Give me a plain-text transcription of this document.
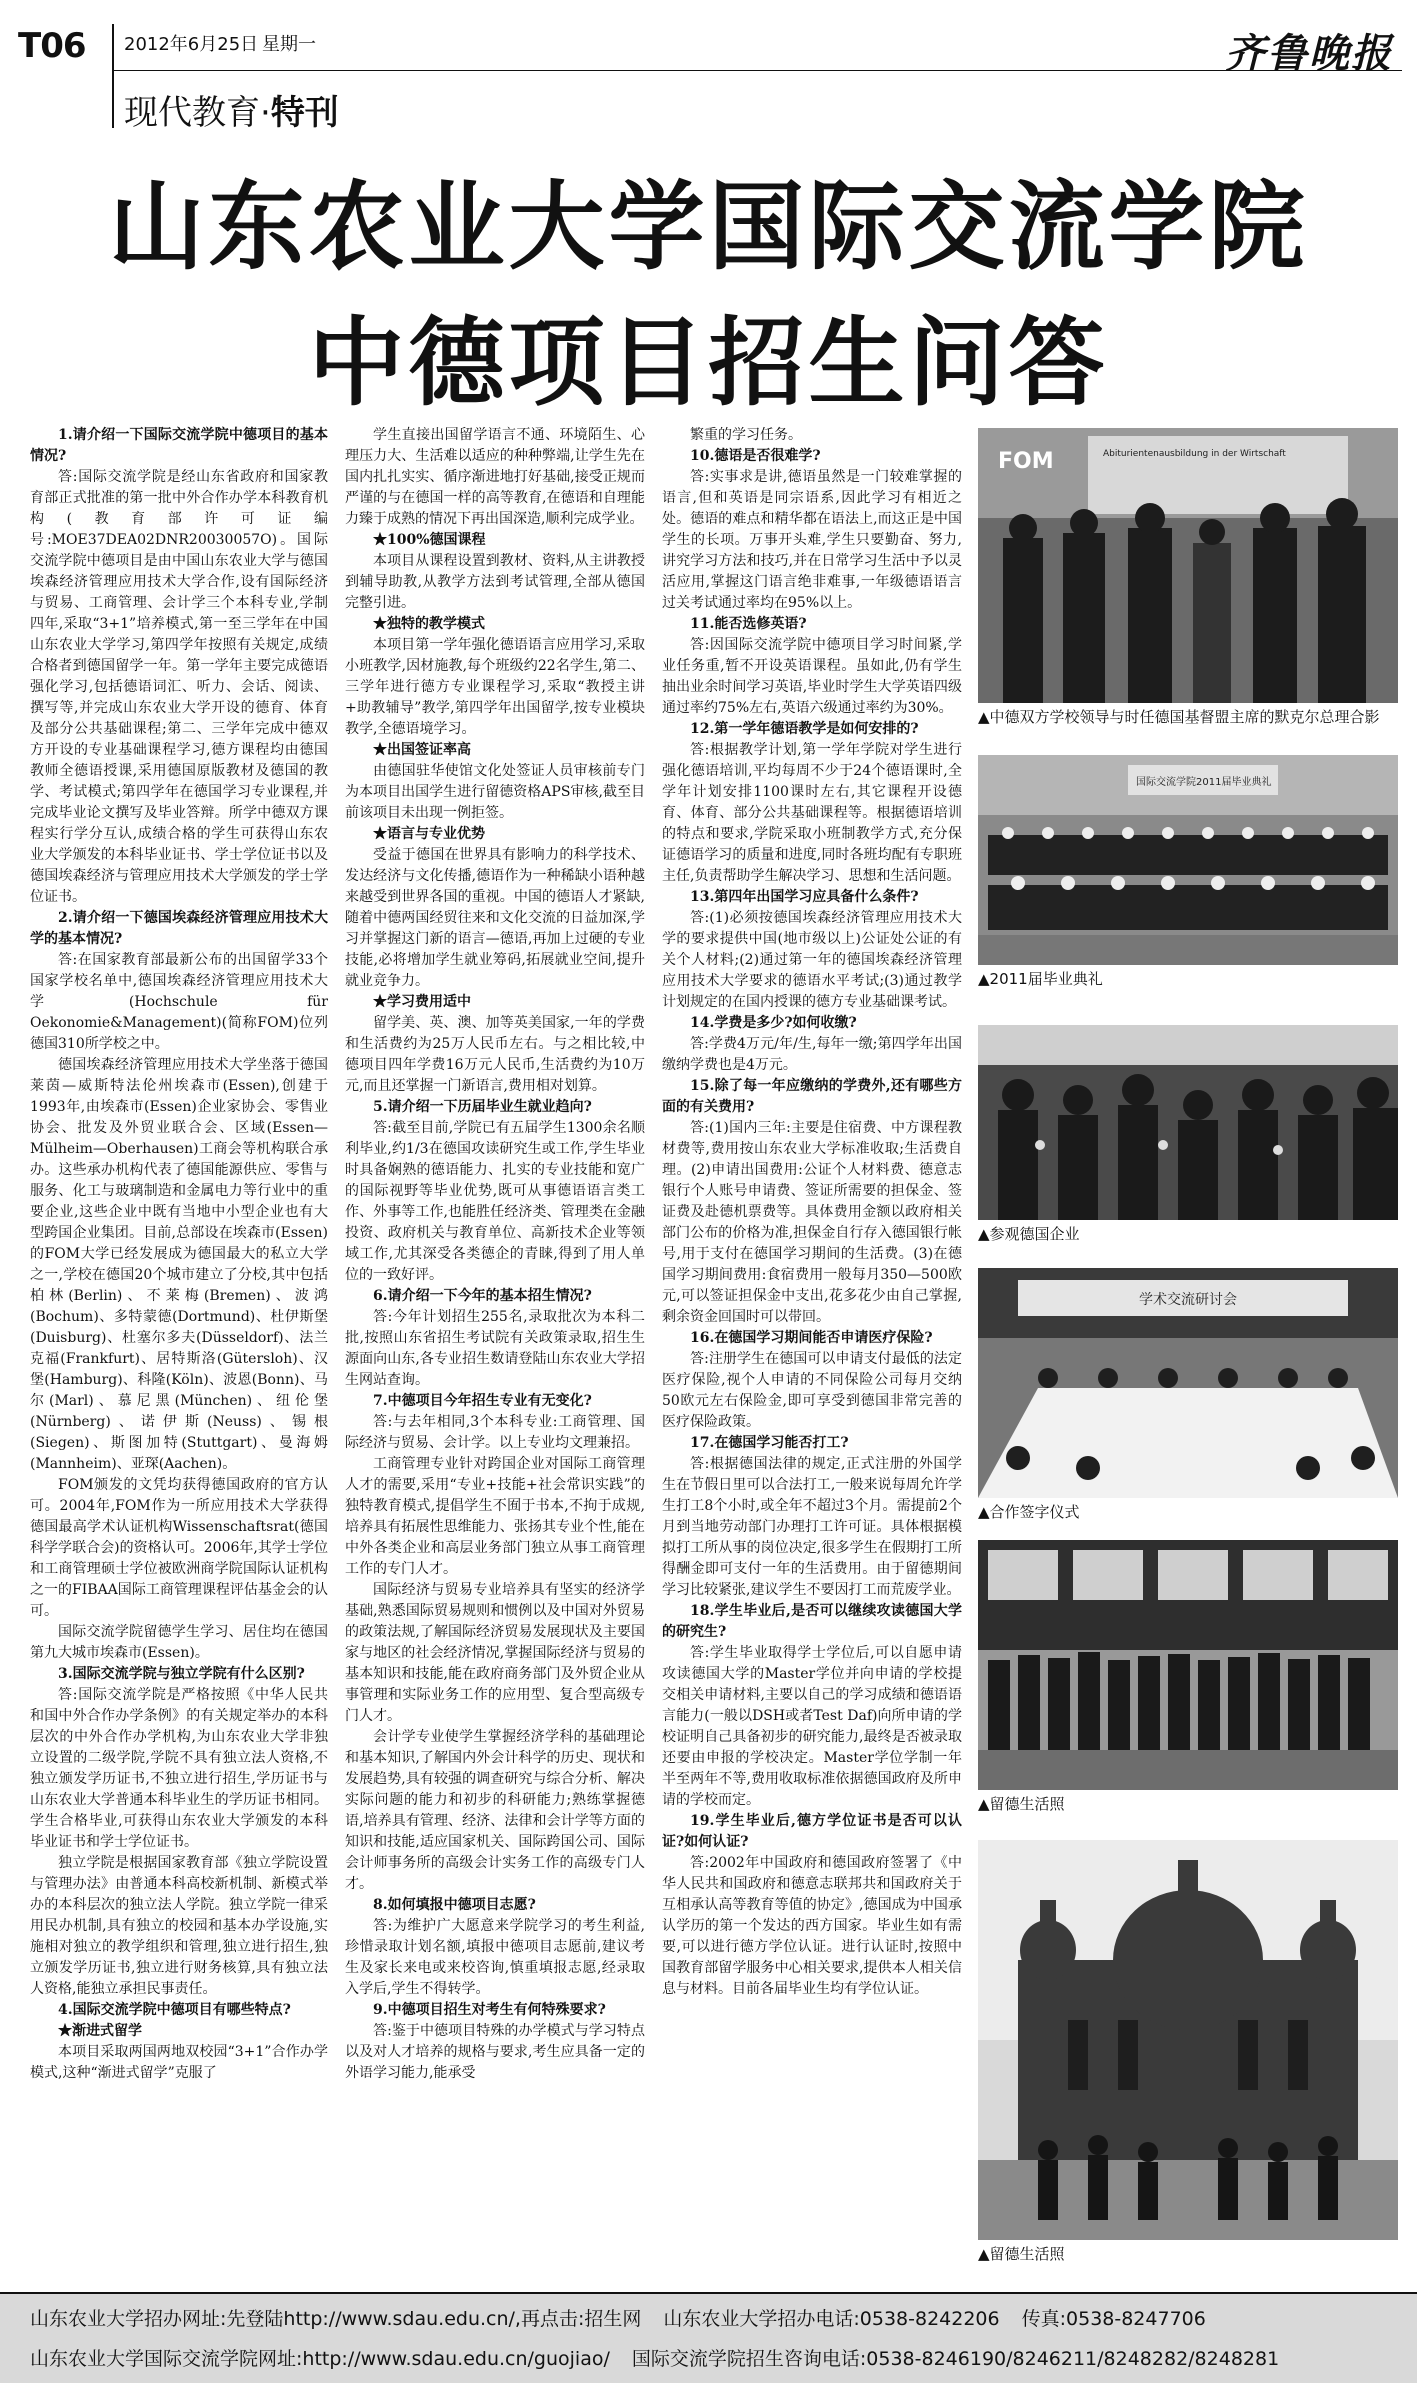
T06 2012年6月25日 星期一
现代教育·特刊
齐鲁晚报
山东农业大学国际交流学院
中德项目招生问答

1.请介绍一下国际交流学院中德项目的基本情况?

答:国际交流学院是经山东省政府和国家教育部正式批准的第一批中外合作办学本科教育机构(教育部许可证编号:MOE37DEA02DNR20030057O)。国际交流学院中德项目是由中国山东农业大学与德国埃森经济管理应用技术大学合作,设有国际经济与贸易、工商管理、会计学三个本科专业,学制四年,采取“3+1”培养模式,第一至三学年在中国山东农业大学学习,第四学年按照有关规定,成绩合格者到德国留学一年。第一学年主要完成德语强化学习,包括德语词汇、听力、会话、阅读、撰写等,并完成山东农业大学开设的德育、体育及部分公共基础课程;第二、三学年完成中德双方开设的专业基础课程学习,德方课程均由德国教师全德语授课,采用德国原版教材及德国的教学、考试模式;第四学年在德国学习专业课程,并完成毕业论文撰写及毕业答辩。所学中德双方课程实行学分互认,成绩合格的学生可获得山东农业大学颁发的本科毕业证书、学士学位证书以及德国埃森经济与管理应用技术大学颁发的学士学位证书。

2.请介绍一下德国埃森经济管理应用技术大学的基本情况?

答:在国家教育部最新公布的出国留学33个国家学校名单中,德国埃森经济管理应用技术大学(Hochschule für Oekonomie&Management)(简称FOM)位列德国310所学校之中。

德国埃森经济管理应用技术大学坐落于德国莱茵—威斯特法伦州埃森市(Essen),创建于1993年,由埃森市(Essen)企业家协会、零售业协会、批发及外贸业联合会、区域(Essen— Mülheim—Oberhausen)工商会等机构联合承办。这些承办机构代表了德国能源供应、零售与服务、化工与玻璃制造和金属电力等行业中的重要企业,这些企业中既有当地中小型企业也有大型跨国企业集团。目前,总部设在埃森市(Essen)的FOM大学已经发展成为德国最大的私立大学之一,学校在德国20个城市建立了分校,其中包括柏林(Berlin)、不莱梅(Bremen)、波鸿(Bochum)、多特蒙德(Dortmund)、杜伊斯堡(Duisburg)、杜塞尔多夫(Düsseldorf)、法兰克福(Frankfurt)、居特斯洛(Gütersloh)、汉堡(Hamburg)、科隆(Köln)、波恩(Bonn)、马尔(Marl)、慕尼黑(München)、纽伦堡(Nürnberg)、诺伊斯(Neuss)、锡根(Siegen)、斯图加特(Stuttgart)、曼海姆(Mannheim)、亚琛(Aachen)。

FOM颁发的文凭均获得德国政府的官方认可。2004年,FOM作为一所应用技术大学获得德国最高学术认证机构Wissenschaftsrat(德国科学学联合会)的资格认可。2006年,其学士学位和工商管理硕士学位被欧洲商学院国际认证机构之一的FIBAA国际工商管理课程评估基金会的认可。

国际交流学院留德学生学习、居住均在德国第九大城市埃森市(Essen)。

3.国际交流学院与独立学院有什么区别?

答:国际交流学院是严格按照《中华人民共和国中外合作办学条例》的有关规定举办的本科层次的中外合作办学机构,为山东农业大学非独立设置的二级学院,学院不具有独立法人资格,不独立颁发学历证书,不独立进行招生,学历证书与山东农业大学普通本科毕业生的学历证书相同。学生合格毕业,可获得山东农业大学颁发的本科毕业证书和学士学位证书。

独立学院是根据国家教育部《独立学院设置与管理办法》由普通本科高校新机制、新模式举办的本科层次的独立法人学院。独立学院一律采用民办机制,具有独立的校园和基本办学设施,实施相对独立的教学组织和管理,独立进行招生,独立颁发学历证书,独立进行财务核算,具有独立法人资格,能独立承担民事责任。

4.国际交流学院中德项目有哪些特点?

★渐进式留学

本项目采取两国两地双校园“3+1”合作办学模式,这种“渐进式留学”克服了

学生直接出国留学语言不通、环境陌生、心理压力大、生活难以适应的种种弊端,让学生先在国内扎扎实实、循序渐进地打好基础,接受正规而严谨的与在德国一样的高等教育,在德语和自理能力臻于成熟的情况下再出国深造,顺利完成学业。

★100%德国课程

本项目从课程设置到教材、资料,从主讲教授到辅导助教,从教学方法到考试管理,全部从德国完整引进。

★独特的教学模式

本项目第一学年强化德语语言应用学习,采取小班教学,因材施教,每个班级约22名学生,第二、三学年进行德方专业课程学习,采取“教授主讲+助教辅导”教学,第四学年出国留学,按专业模块教学,全德语境学习。

★出国签证率高

由德国驻华使馆文化处签证人员审核前专门为本项目出国学生进行留德资格APS审核,截至目前该项目未出现一例拒签。

★语言与专业优势

受益于德国在世界具有影响力的科学技术、发达经济与文化传播,德语作为一种稀缺小语种越来越受到世界各国的重视。中国的德语人才紧缺,随着中德两国经贸往来和文化交流的日益加深,学习并掌握这门新的语言—德语,再加上过硬的专业技能,必将增加学生就业筹码,拓展就业空间,提升就业竞争力。

★学习费用适中

留学美、英、澳、加等英美国家,一年的学费和生活费约为25万人民币左右。与之相比较,中德项目四年学费16万元人民币,生活费约为10万元,而且还掌握一门新语言,费用相对划算。

5.请介绍一下历届毕业生就业趋向?

答:截至目前,学院已有五届学生1300余名顺利毕业,约1/3在德国攻读研究生或工作,学生毕业时具备娴熟的德语能力、扎实的专业技能和宽广的国际视野等毕业优势,既可从事德语语言类工作、外事等工作,也能胜任经济类、管理类在金融投资、政府机关与教育单位、高新技术企业等领域工作,尤其深受各类德企的青睐,得到了用人单位的一致好评。

6.请介绍一下今年的基本招生情况?

答:今年计划招生255名,录取批次为本科二批,按照山东省招生考试院有关政策录取,招生生源面向山东,各专业招生数请登陆山东农业大学招生网站查询。

7.中德项目今年招生专业有无变化?

答:与去年相同,3个本科专业:工商管理、国际经济与贸易、会计学。以上专业均文理兼招。

工商管理专业针对跨国企业对国际工商管理人才的需要,采用“专业+技能+社会常识实践”的独特教育模式,提倡学生不囿于书本,不拘于成规,培养具有拓展性思维能力、张扬其专业个性,能在中外各类企业和高层业务部门独立从事工商管理工作的专门人才。

国际经济与贸易专业培养具有坚实的经济学基础,熟悉国际贸易规则和惯例以及中国对外贸易的政策法规,了解国际经济贸易发展现状及主要国家与地区的社会经济情况,掌握国际经济与贸易的基本知识和技能,能在政府商务部门及外贸企业从事管理和实际业务工作的应用型、复合型高级专门人才。

会计学专业使学生掌握经济学科的基础理论和基本知识,了解国内外会计科学的历史、现状和发展趋势,具有较强的调查研究与综合分析、解决实际问题的能力和初步的科研能力;熟练掌握德语,培养具有管理、经济、法律和会计学等方面的知识和技能,适应国家机关、国际跨国公司、国际会计师事务所的高级会计实务工作的高级专门人才。

8.如何填报中德项目志愿?

答:为维护广大愿意来学院学习的考生利益,珍惜录取计划名额,填报中德项目志愿前,建议考生及家长来电或来校咨询,慎重填报志愿,经录取入学后,学生不得转学。

9.中德项目招生对考生有何特殊要求?

答:鉴于中德项目特殊的办学模式与学习特点以及对人才培养的规格与要求,考生应具备一定的外语学习能力,能承受

繁重的学习任务。

10.德语是否很难学?

答:实事求是讲,德语虽然是一门较难掌握的语言,但和英语是同宗语系,因此学习有相近之处。德语的难点和精华都在语法上,而这正是中国学生的长项。万事开头难,学生只要勤奋、努力,讲究学习方法和技巧,并在日常学习生活中予以灵活应用,掌握这门语言绝非难事,一年级德语语言过关考试通过率均在95%以上。

11.能否选修英语?

答:因国际交流学院中德项目学习时间紧,学业任务重,暂不开设英语课程。虽如此,仍有学生抽出业余时间学习英语,毕业时学生大学英语四级通过率约75%左右,英语六级通过率约为30%。

12.第一学年德语教学是如何安排的?

答:根据教学计划,第一学年学院对学生进行强化德语培训,平均每周不少于24个德语课时,全学年计划安排1100课时左右,其它课程开设德育、体育、部分公共基础课程等。根据德语培训的特点和要求,学院采取小班制教学方式,充分保证德语学习的质量和进度,同时各班均配有专职班主任,负责帮助学生解决学习、思想和生活问题。

13.第四年出国学习应具备什么条件?

答:(1)必须按德国埃森经济管理应用技术大学的要求提供中国(地市级以上)公证处公证的有关个人材料;(2)通过第一年的德国埃森经济管理应用技术大学要求的德语水平考试;(3)通过教学计划规定的在国内授课的德方专业基础课考试。

14.学费是多少?如何收缴?

答:学费4万元/年/生,每年一缴;第四学年出国缴纳学费也是4万元。

15.除了每一年应缴纳的学费外,还有哪些方面的有关费用?

答:(1)国内三年:主要是住宿费、中方课程教材费等,费用按山东农业大学标准收取;生活费自理。(2)申请出国费用:公证个人材料费、德意志银行个人账号申请费、签证所需要的担保金、签证费及赴德机票费等。具体费用金额以政府相关部门公布的价格为准,担保金自行存入德国银行帐号,用于支付在德国学习期间的生活费。(3)在德国学习期间费用:食宿费用一般每月350—500欧元,可以签证担保金中支出,花多花少由自己掌握,剩余资金回国时可以带回。

16.在德国学习期间能否申请医疗保险?

答:注册学生在德国可以申请支付最低的法定医疗保险,视个人申请的不同保险公司每月交纳50欧元左右保险金,即可享受到德国非常完善的医疗保险政策。

17.在德国学习能否打工?

答:根据德国法律的规定,正式注册的外国学生在节假日里可以合法打工,一般来说每周允许学生打工8个小时,或全年不超过3个月。需提前2个月到当地劳动部门办理打工许可证。具体根据模拟打工所从事的岗位决定,很多学生在假期打工所得酬金即可支付一年的生活费用。由于留德期间学习比较紧张,建议学生不要因打工而荒废学业。

18.学生毕业后,是否可以继续攻读德国大学的研究生?

答:学生毕业取得学士学位后,可以自愿申请攻读德国大学的Master学位并向申请的学校提交相关申请材料,主要以自己的学习成绩和德语语言能力(一般以DSH或者Test Daf)向所申请的学校证明自己具备初步的研究能力,最终是否被录取还要由申报的学校决定。Master学位学制一年半至两年不等,费用收取标准依据德国政府及所申请的学校而定。

19.学生毕业后,德方学位证书是否可以认证?如何认证?

答:2002年中国政府和德国政府签署了《中华人民共和国政府和德意志联邦共和国政府关于互相承认高等教育等值的协定》,德国成为中国承认学历的第一个发达的西方国家。毕业生如有需要,可以进行德方学位认证。进行认证时,按照中国教育部留学服务中心相关要求,提供本人相关信息与材料。目前各届毕业生均有学位认证。

Abiturientenausbildung in der Wirtschaft
FOM
▲中德双方学校领导与时任德国基督盟主席的默克尔总理合影
国际交流学院2011届毕业典礼
▲2011届毕业典礼
▲参观德国企业
学术交流研讨会
▲合作签字仪式
▲留德生活照
▲留德生活照
山东农业大学招办网址:先登陆http://www.sdau.edu.cn/,再点击:招生网 山东农业大学招办电话:0538-8242206 传真:0538-8247706
山东农业大学国际交流学院网址:http://www.sdau.edu.cn/guojiao/ 国际交流学院招生咨询电话:0538-8246190/8246211/8248282/8248281
